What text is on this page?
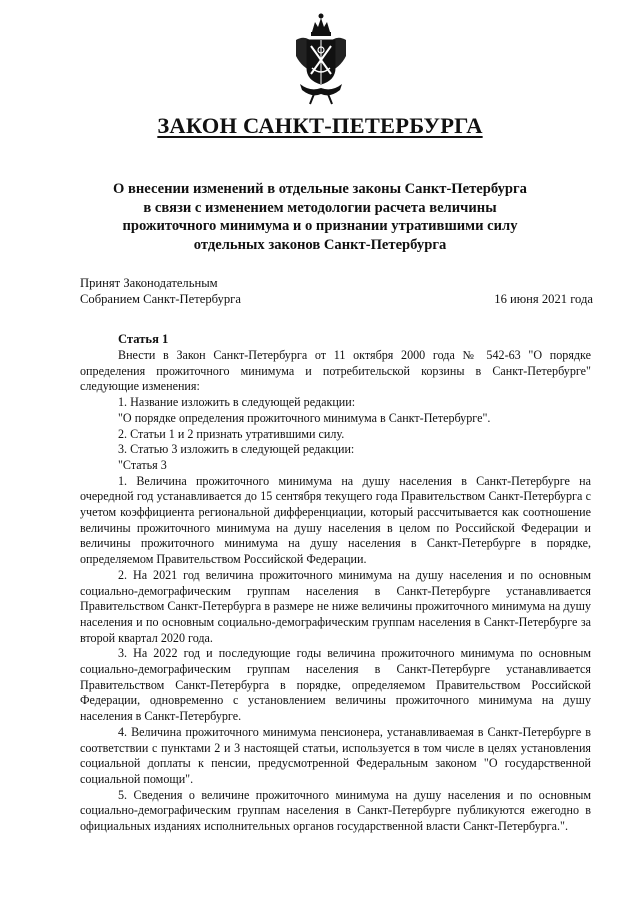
ЗАКОН САНКТ-ПЕТЕРБУРГА
О внесении изменений в отдельные законы Санкт-Петербурга
в связи с изменением методологии расчета величины
прожиточного минимума и о признании утратившими силу
отдельных законов Санкт-Петербурга
Принят Законодательным
Собранием Санкт-Петербурга	16 июня 2021 года
Статья 1

Внести в Закон Санкт-Петербурга от 11 октября 2000 года № 542-63 "О порядке определения прожиточного минимума и потребительской корзины в Санкт-Петербурге" следующие изменения:

1. Название изложить в следующей редакции:

"О порядке определения прожиточного минимума в Санкт-Петербурге".

2. Статьи 1 и 2 признать утратившими силу.

3. Статью 3 изложить в следующей редакции:

"Статья 3

1. Величина прожиточного минимума на душу населения в Санкт-Петербурге на очередной год устанавливается до 15 сентября текущего года Правительством Санкт-Петербурга с учетом коэффициента региональной дифференциации, который рассчитывается как соотношение величины прожиточного минимума на душу населения в целом по Российской Федерации и величины прожиточного минимума на душу населения в Санкт-Петербурге в порядке, определяемом Правительством Российской Федерации.

2. На 2021 год величина прожиточного минимума на душу населения и по основным социально-демографическим группам населения в Санкт-Петербурге устанавливается Правительством Санкт-Петербурга в размере не ниже величины прожиточного минимума на душу населения и по основным социально-демографическим группам населения в Санкт-Петербурге за второй квартал 2020 года.

3. На 2022 год и последующие годы величина прожиточного минимума по основным социально-демографическим группам населения в Санкт-Петербурге устанавливается Правительством Санкт-Петербурга в порядке, определяемом Правительством Российской Федерации, одновременно с установлением величины прожиточного минимума на душу населения в Санкт-Петербурге.

4. Величина прожиточного минимума пенсионера, устанавливаемая в Санкт-Петербурге в соответствии с пунктами 2 и 3 настоящей статьи, используется в том числе в целях установления социальной доплаты к пенсии, предусмотренной Федеральным законом "О государственной социальной помощи".

5. Сведения о величине прожиточного минимума на душу населения и по основным социально-демографическим группам населения в Санкт-Петербурге публикуются ежегодно в официальных изданиях исполнительных органов государственной власти Санкт-Петербурга.".
